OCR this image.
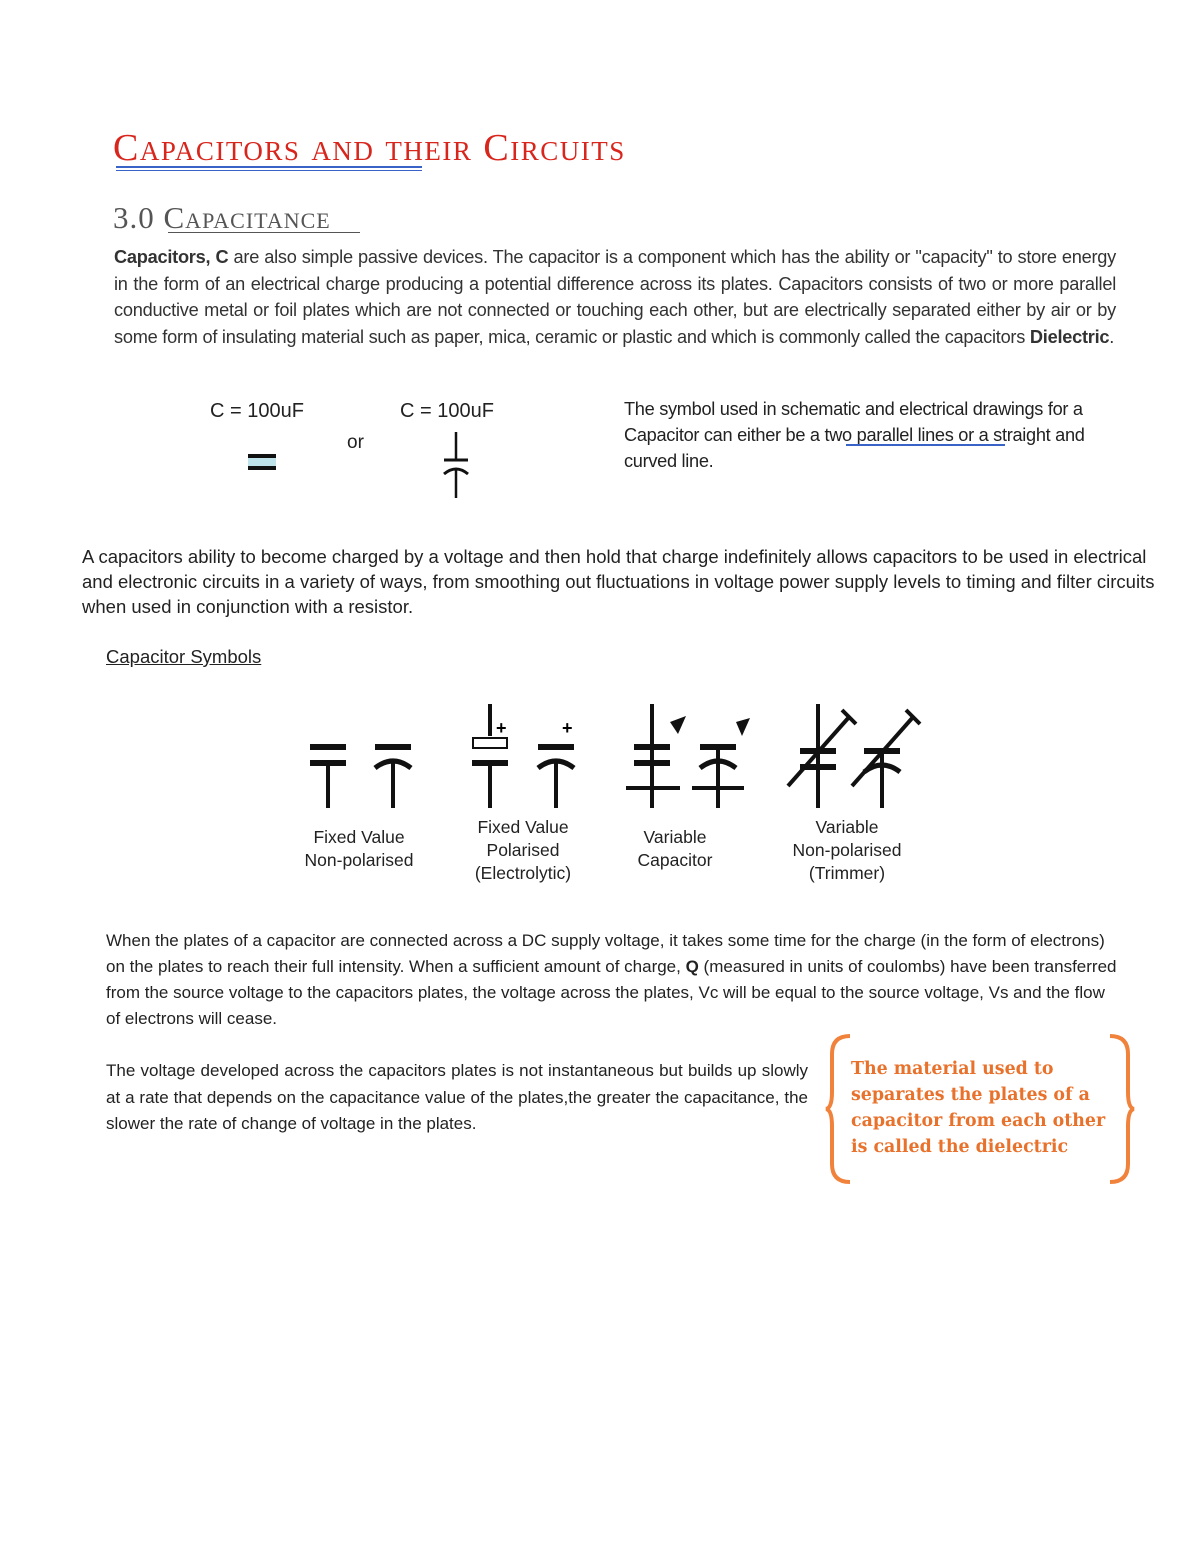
Capacitors and their Circuits
3.0 Capacitance
Capacitors, C are also simple passive devices. The capacitor is a component which has the ability or "capacity" to store energy in the form of an electrical charge producing a potential difference across its plates. Capacitors consists of two or more parallel conductive metal or foil plates which are not connected or touching each other, but are electrically separated either by air or by some form of insulating material such as paper, mica, ceramic or plastic and which is commonly called the capacitors Dielectric.
C = 100uF
or
C = 100uF	The symbol used in schematic and electrical drawings for a Capacitor can either be a two parallel lines or a straight and curved line.
A capacitors ability to become charged by a voltage and then hold that charge indefinitely allows capacitors to be used in electrical and electronic circuits in a variety of ways, from smoothing out fluctuations in voltage power supply levels to timing and filter circuits when used in conjunction with a resistor.
Capacitor Symbols
+	+
Fixed Value
Non-polarised
Fixed Value
Polarised
(Electrolytic)
Variable
Capacitor
Variable
Non-polarised
(Trimmer)
When the plates of a capacitor are connected across a DC supply voltage, it takes some time for the charge (in the form of electrons) on the plates to reach their full intensity. When a sufficient amount of charge, Q (measured in units of coulombs) have been transferred from the source voltage to the capacitors plates, the voltage across the plates, Vc will be equal to the source voltage, Vs and the flow of electrons will cease.
The voltage developed across the capacitors plates is not instantaneous but builds up slowly at a rate that depends on the capacitance value of the plates,the greater the capacitance, the slower the rate of change of voltage in the plates.
The material used to separates the plates of a capacitor from each other is called the dielectric
